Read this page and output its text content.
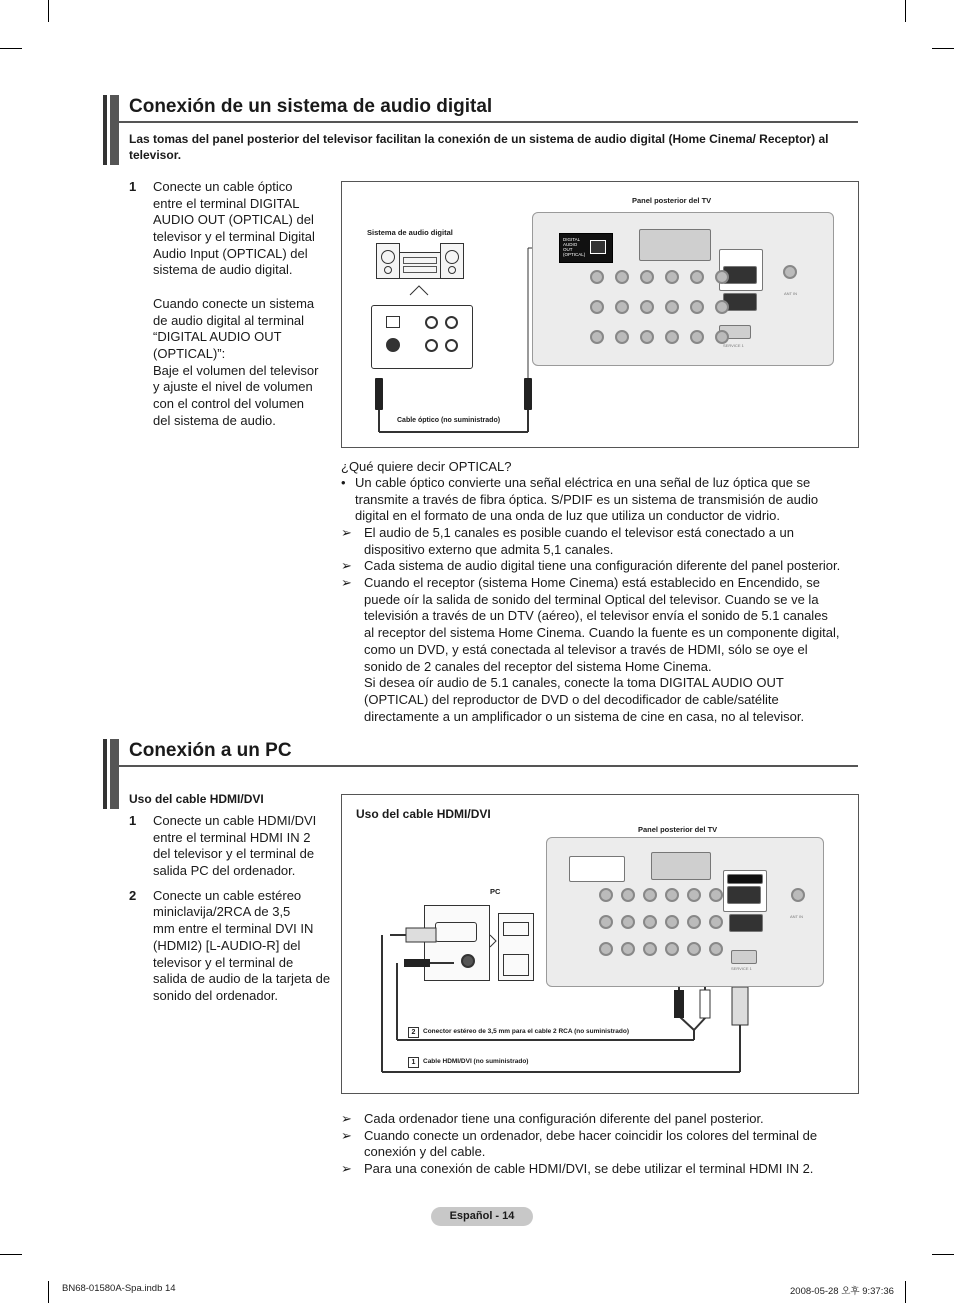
Conexión de un sistema de audio digital
Las tomas del panel posterior del televisor facilitan la conexión de un sistema de audio digital (Home Cinema/ Receptor) al televisor.
1 Conecte un cable óptico
entre el terminal DIGITAL
AUDIO OUT (OPTICAL) del
televisor y el terminal Digital
Audio Input (OPTICAL) del
sistema de audio digital.
Cuando conecte un sistema
de audio digital al terminal
“DIGITAL AUDIO OUT
(OPTICAL)”:
Baje el volumen del televisor
y ajuste el nivel de volumen
con el control del volumen
del sistema de audio.
Panel posterior del TV
Sistema de audio digital
Cable óptico (no suministrado)
DIGITAL AUDIO OUT (OPTICAL)
ANT IN
SERVICE 1
¿Qué quiere decir OPTICAL?
• Un cable óptico convierte una señal eléctrica en una señal de luz óptica que se
transmite a través de fibra óptica. S/PDIF es un sistema de transmisión de audio
digital en el formato de una onda de luz que utiliza un conductor de vidrio.
➢ El audio de 5,1 canales es posible cuando el televisor está conectado a un
dispositivo externo que admita 5,1 canales.
➢ Cada sistema de audio digital tiene una configuración diferente del panel posterior.
➢ Cuando el receptor (sistema Home Cinema) está establecido en Encendido, se
puede oír la salida de sonido del terminal Optical del televisor. Cuando se ve la
televisión a través de un DTV (aéreo), el televisor envía el sonido de 5.1 canales
al receptor del sistema Home Cinema. Cuando la fuente es un componente digital,
como un DVD, y está conectada al televisor a través de HDMI, sólo se oye el
sonido de 2 canales del receptor del sistema Home Cinema.
Si desea oír audio de 5.1 canales, conecte la toma DIGITAL AUDIO OUT
(OPTICAL) del reproductor de DVD o del decodificador de cable/satélite
directamente a un amplificador o un sistema de cine en casa, no al televisor.
Conexión a un PC
Uso del cable HDMI/DVI
1 Conecte un cable HDMI/DVI
entre el terminal HDMI IN 2
del televisor y el terminal de
salida PC del ordenador.
2 Conecte un cable estéreo
miniclavija/2RCA de 3,5
mm entre el terminal DVI IN
(HDMI2) [L-AUDIO-R] del
televisor y el terminal de
salida de audio de la tarjeta de
sonido del ordenador.
Uso del cable HDMI/DVI
Panel posterior del TV
PC
ANT IN
SERVICE 1
2	Conector estéreo de 3,5 mm para el cable 2 RCA (no suministrado)
1	Cable HDMI/DVI (no suministrado)
➢ Cada ordenador tiene una configuración diferente del panel posterior.
➢ Cuando conecte un ordenador, debe hacer coincidir los colores del terminal de
conexión y del cable.
➢ Para una conexión de cable HDMI/DVI, se debe utilizar el terminal HDMI IN 2.
Español - 14
BN68-01580A-Spa.indb 14	2008-05-28 오후 9:37:36
